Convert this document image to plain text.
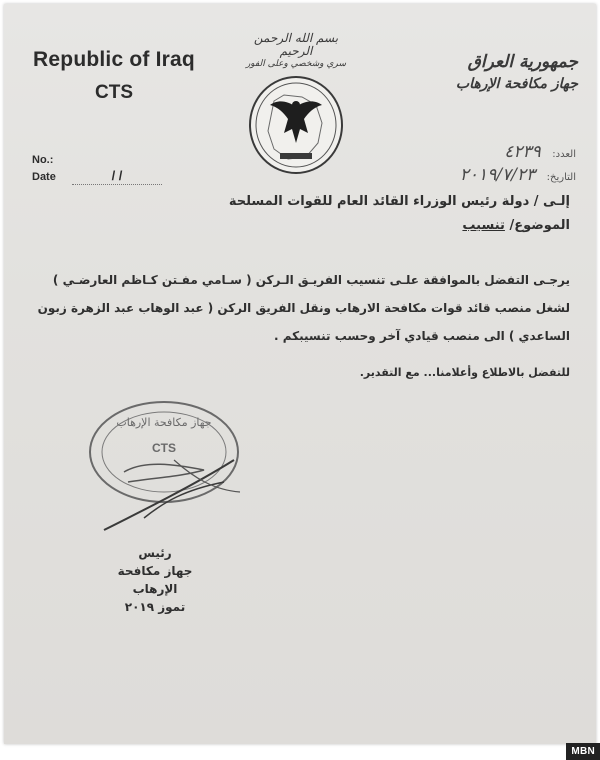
Republic of Iraq
CTS
بسم الله الرحمن الرحيم
سري وشخصي وعلى الفور	جمهورية العراق
جهاز مكافحة الإرهاب
No.:
Date	/ /
العدد: ٤٢٣٩
التاريخ: ٢٠١٩/٧/٢٣
إلـى / دولة رئيس الوزراء القائد العام للقوات المسلحة
الموضوع/ تنسيب
يرجـى التفضل بالموافقة علـى تنسيب الفريـق الـركن ( سـامي مفـتن كـاظم العارضـي ) لشغل منصب قائد قوات مكافحة الارهاب ونقل الفريق الركن ( عبد الوهاب عبد الزهرة زبون الساعدي ) الى منصب قيادي آخر وحسب تنسيبكم .
للتفضل بالاطلاع وأعلامنا... مع التقدير.
جهاز مكافحة الإرهاب
CTS
رئيس
جهاز مكافحة الإرهاب
تموز ٢٠١٩
MBN
